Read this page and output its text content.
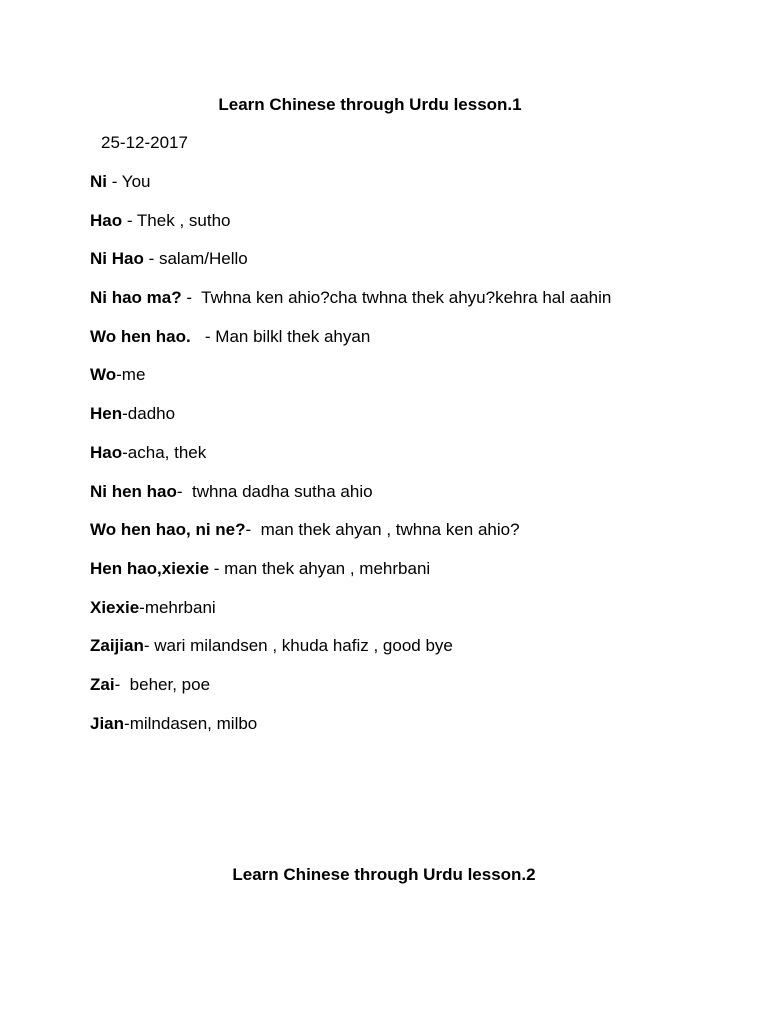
Learn Chinese through Urdu lesson.1
25-12-2017
Ni - You
Hao - Thek , sutho
Ni Hao - salam/Hello
Ni hao ma? -  Twhna ken ahio?cha twhna thek ahyu?kehra hal aahin
Wo hen hao.   - Man bilkl thek ahyan
Wo-me
Hen-dadho
Hao-acha, thek
Ni hen hao-  twhna dadha sutha ahio
Wo hen hao, ni ne?-  man thek ahyan , twhna ken ahio?
Hen hao,xiexie - man thek ahyan , mehrbani
Xiexie-mehrbani
Zaijian- wari milandsen , khuda hafiz , good bye
Zai-  beher, poe
Jian-milndasen, milbo
Learn Chinese through Urdu lesson.2
